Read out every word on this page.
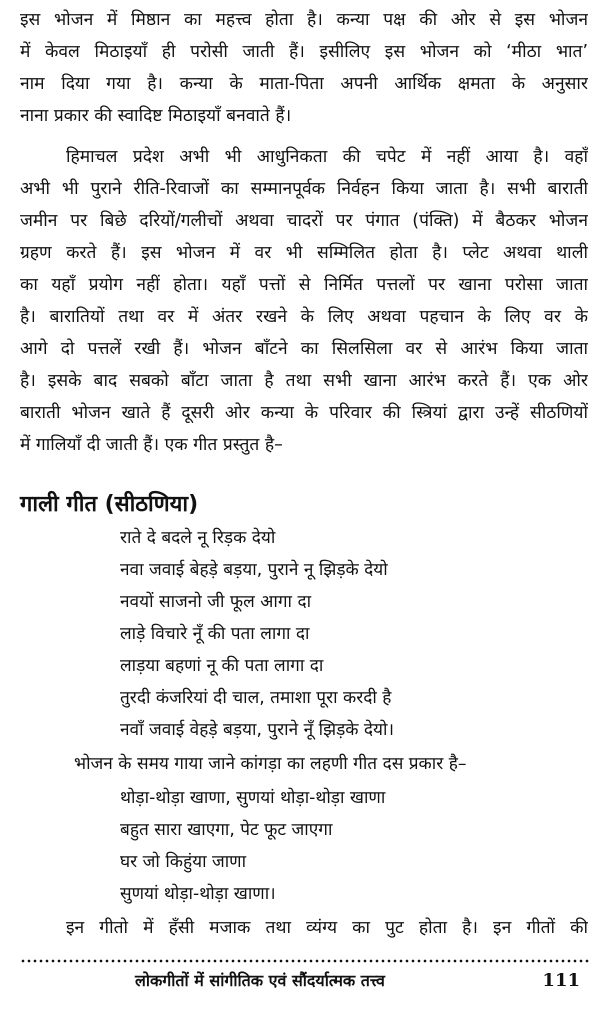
इस भोजन में मिष्ठान का महत्त्व होता है। कन्या पक्ष की ओर से इस भोजन
में केवल मिठाइयाँ ही परोसी जाती हैं। इसीलिए इस भोजन को ‘मीठा भात’
नाम दिया गया है। कन्या के माता-पिता अपनी आर्थिक क्षमता के अनुसार
नाना प्रकार की स्वादिष्ट मिठाइयाँ बनवाते हैं।
हिमाचल प्रदेश अभी भी आधुनिकता की चपेट में नहीं आया है। वहाँ
अभी भी पुराने रीति-रिवाजों का सम्मानपूर्वक निर्वहन किया जाता है। सभी बाराती
जमीन पर बिछे दरियों/गलीचों अथवा चादरों पर पंगात (पंक्ति) में बैठकर भोजन
ग्रहण करते हैं। इस भोजन में वर भी सम्मिलित होता है। प्लेट अथवा थाली
का यहाँ प्रयोग नहीं होता। यहाँ पत्तों से निर्मित पत्तलों पर खाना परोसा जाता
है। बारातियों तथा वर में अंतर रखने के लिए अथवा पहचान के लिए वर के
आगे दो पत्तलें रखी हैं। भोजन बाँटने का सिलसिला वर से आरंभ किया जाता
है। इसके बाद सबको बाँटा जाता है तथा सभी खाना आरंभ करते हैं। एक ओर
बाराती भोजन खाते हैं दूसरी ओर कन्या के परिवार की स्त्रियां द्वारा उन्हें सीठणियों
में गालियाँ दी जाती हैं। एक गीत प्रस्तुत है–
गाली गीत (सीठणिया)
राते दे बदले नू रिड़क देयो
नवा जवाई बेहड़े बड़या, पुराने नू झिड़के देयो
नवयों साजनो जी फूल आगा दा
लाड़े विचारे नूँ की पता लागा दा
लाड़या बहणां नू की पता लागा दा
तुरदी कंजरियां दी चाल, तमाशा पूरा करदी है
नवाँ जवाई वेहड़े बड़या, पुराने नूँ झिड़के देयो।
भोजन के समय गाया जाने कांगड़ा का लहणी गीत दस प्रकार है–
थोड़ा-थोड़ा खाणा, सुणयां थोड़ा-थोड़ा खाणा
बहुत सारा खाएगा, पेट फूट जाएगा
घर जो किहुंया जाणा
सुणयां थोड़ा-थोड़ा खाणा।
इन गीतो में हँसी मजाक तथा व्यंग्य का पुट होता है। इन गीतों की
लोकगीतों में सांगीतिक एवं सौंदर्यात्मक तत्त्व	111
